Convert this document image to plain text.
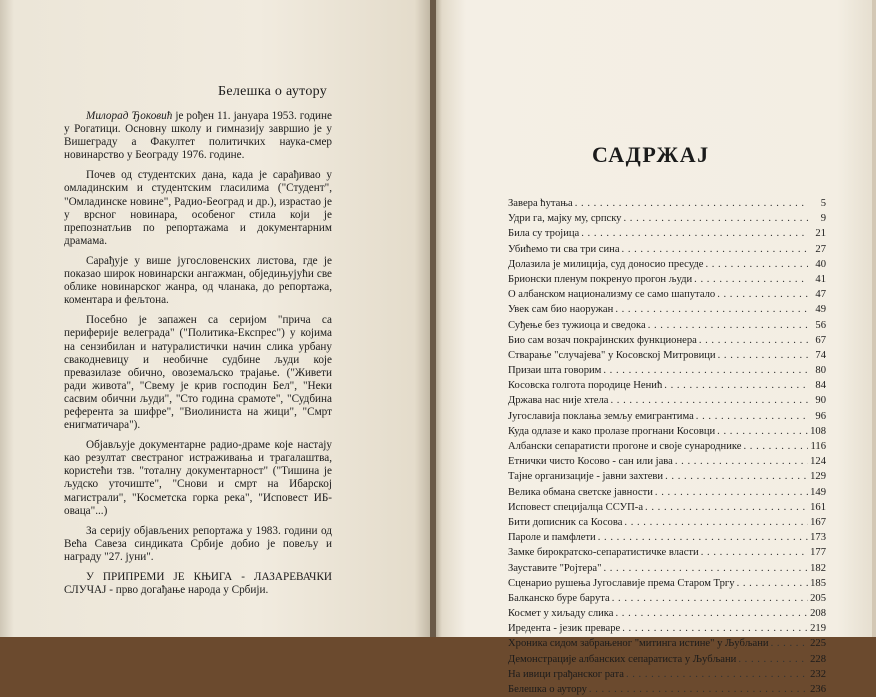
Белешка о аутору

Милорад Ђоковић је рођен 11. јануара 1953. године у Рогатици. Основну школу и гимназију завршио је у Вишеграду а Факултет политичких наука-смер новинарство у Београду 1976. године.

Почев од студентских дана, када је сарађивао у омладинским и студентским гласилима ("Студент", "Омладинске новине", Радио-Београд и др.), израстао је у врсног новинара, особеног стила који је препознатљив по репортажама и документарним драмама.

Сарађује у више југословенских листова, где је показао широк новинарски ангажман, обједињујући све облике новинарског жанра, од чланака, до репортажа, коментара и фељтона.

Посебно је запажен са серијом "прича са периферије велеграда" ("Политика-Експрес") у којима на сензибилан и натуралистички начин слика урбану свакодневицу и необичне судбине људи које превазилазе обично, овоземаљско трајање. ("Живети ради живота", "Свему је крив господин Бел", "Неки сасвим обични људи", "Сто година срамоте", "Судбина референта за шифре", "Виолиниста на жици", "Смрт енигматичара").

Објављује документарне радио-драме које настају као резултат свестраног истраживања и трагалаштва, користећи тзв. "тоталну документарност" ("Тишина је људско уточиште", "Снови и смрт на Ибарској магистрали", "Косметска горка река", "Исповест ИБ-оваца"...)

За серију објављених репортажа у 1983. години од Већа Савеза синдиката Србије добио је повељу и награду "27. јуни".

У ПРИПРЕМИ ЈЕ КЊИГА - ЛАЗАРЕВАЧКИ СЛУЧАЈ - прво догађање народа у Србији.

САДРЖАЈ
Завера ћутања . . .	5
Удри га, мајку му, српску . . .	9
Била су тројица . . .	21
Убићемо ти сва три сина . . .	27
Долазила је милиција, суд доносио пресуде . . .	40
Брионски пленум покренуо прогон људи . . .	41
О албанском национализму се само шапутало . . .	47
Увек сам био наоружан . . .	49
Суђење без тужиоца и сведока . . .	56
Био сам возач покрајинских функционера . . .	67
Стварање "случајева" у Косовској Митровици . . .	74
Призаи шта говорим . . .	80
Косовска голгота породице Ненић . . .	84
Држава нас није хтела . . .	90
Југославија поклања земљу емигрантима . . .	96
Куда одлазе и како пролазе прогнани Косовци . . .	108
Албански сепаратисти прогоне и своје сународнике . . .	116
Етнички чисто Косово - сан или јава . . .	124
Тајне организације - јавни захтеви . . .	129
Велика обмана светске јавности . . .	149
Исповест специјалца ССУП-а . . .	161
Бити дописник са Косова . . .	167
Пароле и памфлети . . .	173
Замке бирократско-сепаратистичке власти . . .	177
Зауставите "Ројтера" . . .	182
Сценарио рушења Југославије према Старом Тргу . . .	185
Балканско буре барута . . .	205
Космет у хиљаду слика . . .	208
Иредента - језик преваре . . .	219
Хроника сидом забрањеног "митинга истине" у Љубљани . . .	225
Демонстрације албанских сепаратиста у Љубљани . . .	228
На ивици грађанског рата . . .	232
Белешка о аутору . . .	236
